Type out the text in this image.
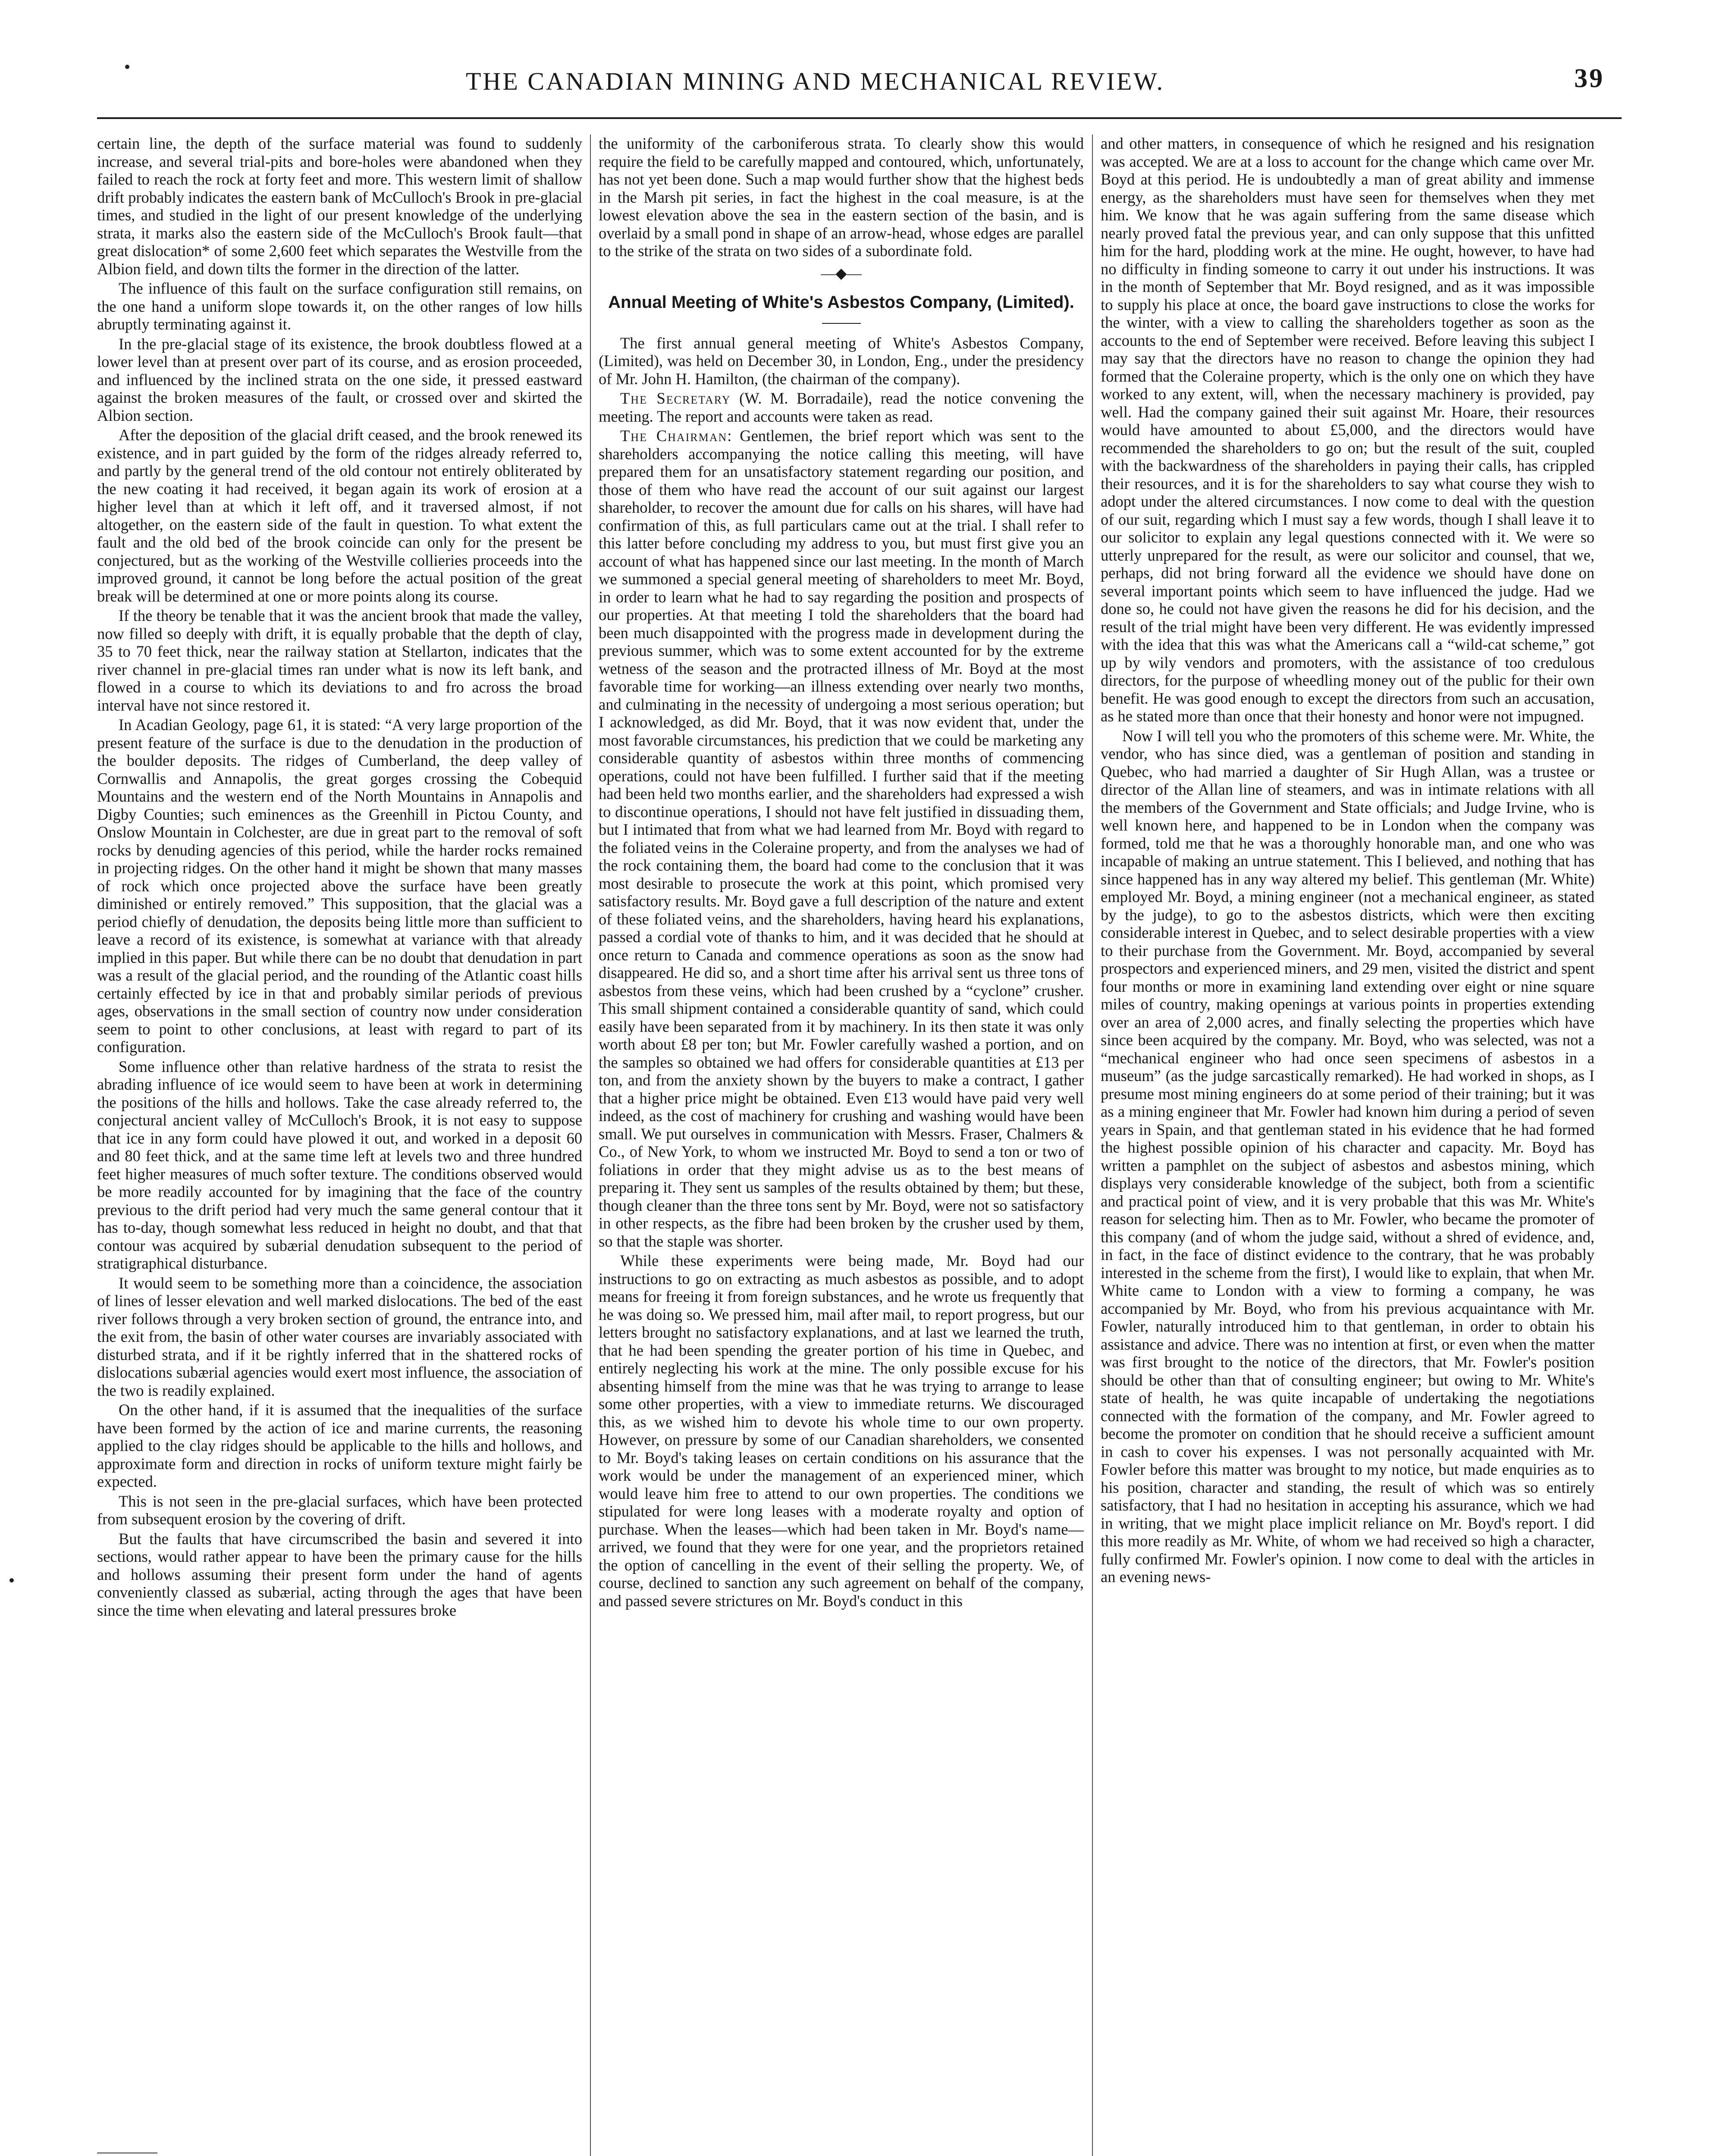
THE CANADIAN MINING AND MECHANICAL REVIEW.	39

certain line, the depth of the surface material was found to suddenly increase, and several trial-pits and bore-holes were abandoned when they failed to reach the rock at forty feet and more. This western limit of shallow drift probably indicates the eastern bank of McCulloch's Brook in pre-glacial times, and studied in the light of our present knowledge of the underlying strata, it marks also the eastern side of the McCulloch's Brook fault—that great dislocation* of some 2,600 feet which separates the Westville from the Albion field, and down tilts the former in the direction of the latter.

The influence of this fault on the surface configuration still remains, on the one hand a uniform slope towards it, on the other ranges of low hills abruptly terminating against it.

In the pre-glacial stage of its existence, the brook doubtless flowed at a lower level than at present over part of its course, and as erosion proceeded, and influenced by the inclined strata on the one side, it pressed eastward against the broken measures of the fault, or crossed over and skirted the Albion section.

After the deposition of the glacial drift ceased, and the brook renewed its existence, and in part guided by the form of the ridges already referred to, and partly by the general trend of the old contour not entirely obliterated by the new coating it had received, it began again its work of erosion at a higher level than at which it left off, and it traversed almost, if not altogether, on the eastern side of the fault in question. To what extent the fault and the old bed of the brook coincide can only for the present be conjectured, but as the working of the Westville collieries proceeds into the improved ground, it cannot be long before the actual position of the great break will be determined at one or more points along its course.

If the theory be tenable that it was the ancient brook that made the valley, now filled so deeply with drift, it is equally probable that the depth of clay, 35 to 70 feet thick, near the railway station at Stellarton, indicates that the river channel in pre-glacial times ran under what is now its left bank, and flowed in a course to which its deviations to and fro across the broad interval have not since restored it.

In Acadian Geology, page 61, it is stated: “A very large proportion of the present feature of the surface is due to the denudation in the production of the boulder deposits. The ridges of Cumberland, the deep valley of Cornwallis and Annapolis, the great gorges crossing the Cobequid Mountains and the western end of the North Mountains in Annapolis and Digby Counties; such eminences as the Greenhill in Pictou County, and Onslow Mountain in Colchester, are due in great part to the removal of soft rocks by denuding agencies of this period, while the harder rocks remained in projecting ridges. On the other hand it might be shown that many masses of rock which once projected above the surface have been greatly diminished or entirely removed.” This supposition, that the glacial was a period chiefly of denudation, the deposits being little more than sufficient to leave a record of its existence, is somewhat at variance with that already implied in this paper. But while there can be no doubt that denudation in part was a result of the glacial period, and the rounding of the Atlantic coast hills certainly effected by ice in that and probably similar periods of previous ages, observations in the small section of country now under consideration seem to point to other conclusions, at least with regard to part of its configuration.

Some influence other than relative hardness of the strata to resist the abrading influence of ice would seem to have been at work in determining the positions of the hills and hollows. Take the case already referred to, the conjectural ancient valley of McCulloch's Brook, it is not easy to suppose that ice in any form could have plowed it out, and worked in a deposit 60 and 80 feet thick, and at the same time left at levels two and three hundred feet higher measures of much softer texture. The conditions observed would be more readily accounted for by imagining that the face of the country previous to the drift period had very much the same general contour that it has to-day, though somewhat less reduced in height no doubt, and that that contour was acquired by subærial denudation subsequent to the period of stratigraphical disturbance.

It would seem to be something more than a coincidence, the association of lines of lesser elevation and well marked dislocations. The bed of the east river follows through a very broken section of ground, the entrance into, and the exit from, the basin of other water courses are invariably associated with disturbed strata, and if it be rightly inferred that in the shattered rocks of dislocations subærial agencies would exert most influence, the association of the two is readily explained.

On the other hand, if it is assumed that the inequalities of the surface have been formed by the action of ice and marine currents, the reasoning applied to the clay ridges should be applicable to the hills and hollows, and approximate form and direction in rocks of uniform texture might fairly be expected.

This is not seen in the pre-glacial surfaces, which have been protected from subsequent erosion by the covering of drift.

But the faults that have circumscribed the basin and severed it into sections, would rather appear to have been the primary cause for the hills and hollows assuming their present form under the hand of agents conveniently classed as subærial, acting through the ages that have been since the time when elevating and lateral pressures broke

the uniformity of the carboniferous strata. To clearly show this would require the field to be carefully mapped and contoured, which, unfortunately, has not yet been done. Such a map would further show that the highest beds in the Marsh pit series, in fact the highest in the coal measure, is at the lowest elevation above the sea in the eastern section of the basin, and is overlaid by a small pond in shape of an arrow-head, whose edges are parallel to the strike of the strata on two sides of a subordinate fold.

—◆—
Annual Meeting of White's Asbestos Company, (Limited).

The first annual general meeting of White's Asbestos Company, (Limited), was held on December 30, in London, Eng., under the presidency of Mr. John H. Hamilton, (the chairman of the company).

The Secretary (W. M. Borradaile), read the notice convening the meeting. The report and accounts were taken as read.

The Chairman: Gentlemen, the brief report which was sent to the shareholders accompanying the notice calling this meeting, will have prepared them for an unsatisfactory statement regarding our position, and those of them who have read the account of our suit against our largest shareholder, to recover the amount due for calls on his shares, will have had confirmation of this, as full particulars came out at the trial. I shall refer to this latter before concluding my address to you, but must first give you an account of what has happened since our last meeting. In the month of March we summoned a special general meeting of shareholders to meet Mr. Boyd, in order to learn what he had to say regarding the position and prospects of our properties. At that meeting I told the shareholders that the board had been much disappointed with the progress made in development during the previous summer, which was to some extent accounted for by the extreme wetness of the season and the protracted illness of Mr. Boyd at the most favorable time for working—an illness extending over nearly two months, and culminating in the necessity of undergoing a most serious operation; but I acknowledged, as did Mr. Boyd, that it was now evident that, under the most favorable circumstances, his prediction that we could be marketing any considerable quantity of asbestos within three months of commencing operations, could not have been fulfilled. I further said that if the meeting had been held two months earlier, and the shareholders had expressed a wish to discontinue operations, I should not have felt justified in dissuading them, but I intimated that from what we had learned from Mr. Boyd with regard to the foliated veins in the Coleraine property, and from the analyses we had of the rock containing them, the board had come to the conclusion that it was most desirable to prosecute the work at this point, which promised very satisfactory results. Mr. Boyd gave a full description of the nature and extent of these foliated veins, and the shareholders, having heard his explanations, passed a cordial vote of thanks to him, and it was decided that he should at once return to Canada and commence operations as soon as the snow had disappeared. He did so, and a short time after his arrival sent us three tons of asbestos from these veins, which had been crushed by a “cyclone” crusher. This small shipment contained a considerable quantity of sand, which could easily have been separated from it by machinery. In its then state it was only worth about £8 per ton; but Mr. Fowler carefully washed a portion, and on the samples so obtained we had offers for considerable quantities at £13 per ton, and from the anxiety shown by the buyers to make a contract, I gather that a higher price might be obtained. Even £13 would have paid very well indeed, as the cost of machinery for crushing and washing would have been small. We put ourselves in communication with Messrs. Fraser, Chalmers & Co., of New York, to whom we instructed Mr. Boyd to send a ton or two of foliations in order that they might advise us as to the best means of preparing it. They sent us samples of the results obtained by them; but these, though cleaner than the three tons sent by Mr. Boyd, were not so satisfactory in other respects, as the fibre had been broken by the crusher used by them, so that the staple was shorter.

While these experiments were being made, Mr. Boyd had our instructions to go on extracting as much asbestos as possible, and to adopt means for freeing it from foreign substances, and he wrote us frequently that he was doing so. We pressed him, mail after mail, to report progress, but our letters brought no satisfactory explanations, and at last we learned the truth, that he had been spending the greater portion of his time in Quebec, and entirely neglecting his work at the mine. The only possible excuse for his absenting himself from the mine was that he was trying to arrange to lease some other properties, with a view to immediate returns. We discouraged this, as we wished him to devote his whole time to our own property. However, on pressure by some of our Canadian shareholders, we consented to Mr. Boyd's taking leases on certain conditions on his assurance that the work would be under the management of an experienced miner, which would leave him free to attend to our own properties. The conditions we stipulated for were long leases with a moderate royalty and option of purchase. When the leases—which had been taken in Mr. Boyd's name—arrived, we found that they were for one year, and the proprietors retained the option of cancelling in the event of their selling the property. We, of course, declined to sanction any such agreement on behalf of the company, and passed severe strictures on Mr. Boyd's conduct in this

and other matters, in consequence of which he resigned and his resignation was accepted. We are at a loss to account for the change which came over Mr. Boyd at this period. He is undoubtedly a man of great ability and immense energy, as the shareholders must have seen for themselves when they met him. We know that he was again suffering from the same disease which nearly proved fatal the previous year, and can only suppose that this unfitted him for the hard, plodding work at the mine. He ought, however, to have had no difficulty in finding someone to carry it out under his instructions. It was in the month of September that Mr. Boyd resigned, and as it was impossible to supply his place at once, the board gave instructions to close the works for the winter, with a view to calling the shareholders together as soon as the accounts to the end of September were received. Before leaving this subject I may say that the directors have no reason to change the opinion they had formed that the Coleraine property, which is the only one on which they have worked to any extent, will, when the necessary machinery is provided, pay well. Had the company gained their suit against Mr. Hoare, their resources would have amounted to about £5,000, and the directors would have recommended the shareholders to go on; but the result of the suit, coupled with the backwardness of the shareholders in paying their calls, has crippled their resources, and it is for the shareholders to say what course they wish to adopt under the altered circumstances. I now come to deal with the question of our suit, regarding which I must say a few words, though I shall leave it to our solicitor to explain any legal questions connected with it. We were so utterly unprepared for the result, as were our solicitor and counsel, that we, perhaps, did not bring forward all the evidence we should have done on several important points which seem to have influenced the judge. Had we done so, he could not have given the reasons he did for his decision, and the result of the trial might have been very different. He was evidently impressed with the idea that this was what the Americans call a “wild-cat scheme,” got up by wily vendors and promoters, with the assistance of too credulous directors, for the purpose of wheedling money out of the public for their own benefit. He was good enough to except the directors from such an accusation, as he stated more than once that their honesty and honor were not impugned.

Now I will tell you who the promoters of this scheme were. Mr. White, the vendor, who has since died, was a gentleman of position and standing in Quebec, who had married a daughter of Sir Hugh Allan, was a trustee or director of the Allan line of steamers, and was in intimate relations with all the members of the Government and State officials; and Judge Irvine, who is well known here, and happened to be in London when the company was formed, told me that he was a thoroughly honorable man, and one who was incapable of making an untrue statement. This I believed, and nothing that has since happened has in any way altered my belief. This gentleman (Mr. White) employed Mr. Boyd, a mining engineer (not a mechanical engineer, as stated by the judge), to go to the asbestos districts, which were then exciting considerable interest in Quebec, and to select desirable properties with a view to their purchase from the Government. Mr. Boyd, accompanied by several prospectors and experienced miners, and 29 men, visited the district and spent four months or more in examining land extending over eight or nine square miles of country, making openings at various points in properties extending over an area of 2,000 acres, and finally selecting the properties which have since been acquired by the company. Mr. Boyd, who was selected, was not a “mechanical engineer who had once seen specimens of asbestos in a museum” (as the judge sarcastically remarked). He had worked in shops, as I presume most mining engineers do at some period of their training; but it was as a mining engineer that Mr. Fowler had known him during a period of seven years in Spain, and that gentleman stated in his evidence that he had formed the highest possible opinion of his character and capacity. Mr. Boyd has written a pamphlet on the subject of asbestos and asbestos mining, which displays very considerable knowledge of the subject, both from a scientific and practical point of view, and it is very probable that this was Mr. White's reason for selecting him. Then as to Mr. Fowler, who became the promoter of this company (and of whom the judge said, without a shred of evidence, and, in fact, in the face of distinct evidence to the contrary, that he was probably interested in the scheme from the first), I would like to explain, that when Mr. White came to London with a view to forming a company, he was accompanied by Mr. Boyd, who from his previous acquaintance with Mr. Fowler, naturally introduced him to that gentleman, in order to obtain his assistance and advice. There was no intention at first, or even when the matter was first brought to the notice of the directors, that Mr. Fowler's position should be other than that of consulting engineer; but owing to Mr. White's state of health, he was quite incapable of undertaking the negotiations connected with the formation of the company, and Mr. Fowler agreed to become the promoter on condition that he should receive a sufficient amount in cash to cover his expenses. I was not personally acquainted with Mr. Fowler before this matter was brought to my notice, but made enquiries as to his position, character and standing, the result of which was so entirely satisfactory, that I had no hesitation in accepting his assurance, which we had in writing, that we might place implicit reliance on Mr. Boyd's report. I did this more readily as Mr. White, of whom we had received so high a character, fully confirmed Mr. Fowler's opinion. I now come to deal with the articles in an evening news-
